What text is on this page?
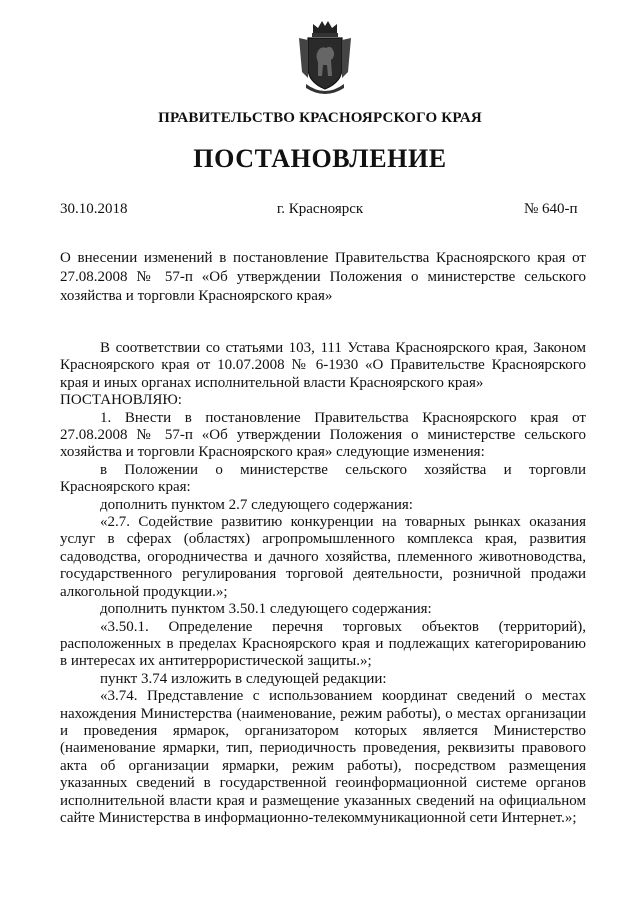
ПРАВИТЕЛЬСТВО КРАСНОЯРСКОГО КРАЯ
ПОСТАНОВЛЕНИЕ
30.10.2018	г. Красноярск	№ 640-п
О внесении изменений в постановление Правительства Красноярского края от 27.08.2008 № 57-п «Об утверждении Положения о министерстве сельского хозяйства и торговли Красноярского края»

В соответствии со статьями 103, 111 Устава Красноярского края, Законом Красноярского края от 10.07.2008 № 6-1930 «О Правительстве Красноярского края и иных органах исполнительной власти Красноярского края»

ПОСТАНОВЛЯЮ:

1. Внести в постановление Правительства Красноярского края от 27.08.2008 № 57-п «Об утверждении Положения о министерстве сельского хозяйства и торговли Красноярского края» следующие изменения:

в Положении о министерстве сельского хозяйства и торговли Красноярского края:

дополнить пунктом 2.7 следующего содержания:

«2.7. Содействие развитию конкуренции на товарных рынках оказания услуг в сферах (областях) агропромышленного комплекса края, развития садоводства, огородничества и дачного хозяйства, племенного животноводства, государственного регулирования торговой деятельности, розничной продажи алкогольной продукции.»;

дополнить пунктом 3.50.1 следующего содержания:

«3.50.1. Определение перечня торговых объектов (территорий), расположенных в пределах Красноярского края и подлежащих категорированию в интересах их антитеррористической защиты.»;

пункт 3.74 изложить в следующей редакции:

«3.74. Представление с использованием координат сведений о местах нахождения Министерства (наименование, режим работы), о местах организации и проведения ярмарок, организатором которых является Министерство (наименование ярмарки, тип, периодичность проведения, реквизиты правового акта об организации ярмарки, режим работы), посредством размещения указанных сведений в государственной геоинформационной системе органов исполнительной власти края и размещение указанных сведений на официальном сайте Министерства в информационно-телекоммуникационной сети Интернет.»;
